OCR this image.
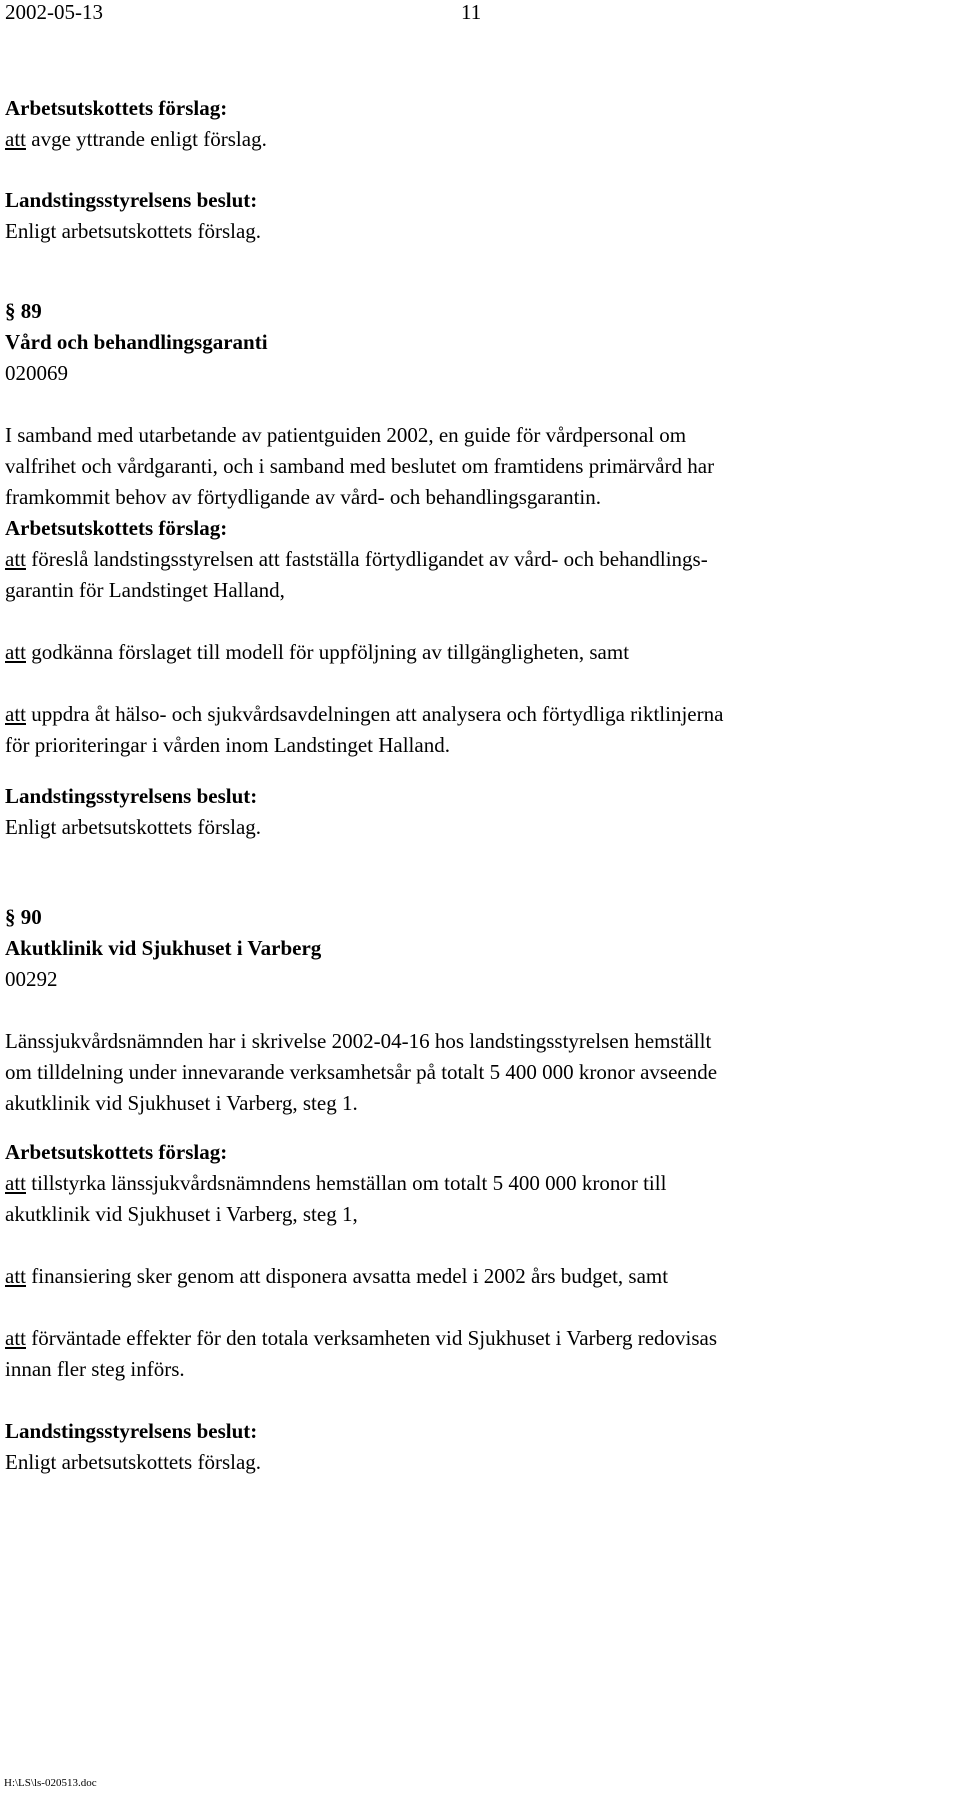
2002-05-13	11

Arbetsutskottets förslag:

att avge yttrande enligt förslag.

Landstingsstyrelsens beslut:

Enligt arbetsutskottets förslag.

§ 89

Vård och behandlingsgaranti

020069

I samband med utarbetande av patientguiden 2002, en guide för vårdpersonal om

valfrihet och vårdgaranti, och i samband med beslutet om framtidens primärvård har

framkommit behov av förtydligande av vård- och behandlingsgarantin.

Arbetsutskottets förslag:

att föreslå landstingsstyrelsen att fastställa förtydligandet av vård- och behandlings-

garantin för Landstinget Halland,

att godkänna förslaget till modell för uppföljning av tillgängligheten, samt

att uppdra åt hälso- och sjukvårdsavdelningen att analysera och förtydliga riktlinjerna

för prioriteringar i vården inom Landstinget Halland.

Landstingsstyrelsens beslut:

Enligt arbetsutskottets förslag.

§ 90

Akutklinik vid Sjukhuset i Varberg

00292

Länssjukvårdsnämnden har i skrivelse 2002-04-16 hos landstingsstyrelsen hemställt

om tilldelning under innevarande verksamhetsår på totalt 5 400 000 kronor avseende

akutklinik vid Sjukhuset i Varberg, steg 1.

Arbetsutskottets förslag:

att tillstyrka länssjukvårdsnämndens hemställan om totalt 5 400 000 kronor till

akutklinik vid Sjukhuset i Varberg, steg 1,

att finansiering sker genom att disponera avsatta medel i 2002 års budget, samt

att förväntade effekter för den totala verksamheten vid Sjukhuset i Varberg redovisas

innan fler steg införs.

Landstingsstyrelsens beslut:

Enligt arbetsutskottets förslag.

H:\LS\ls-020513.doc
